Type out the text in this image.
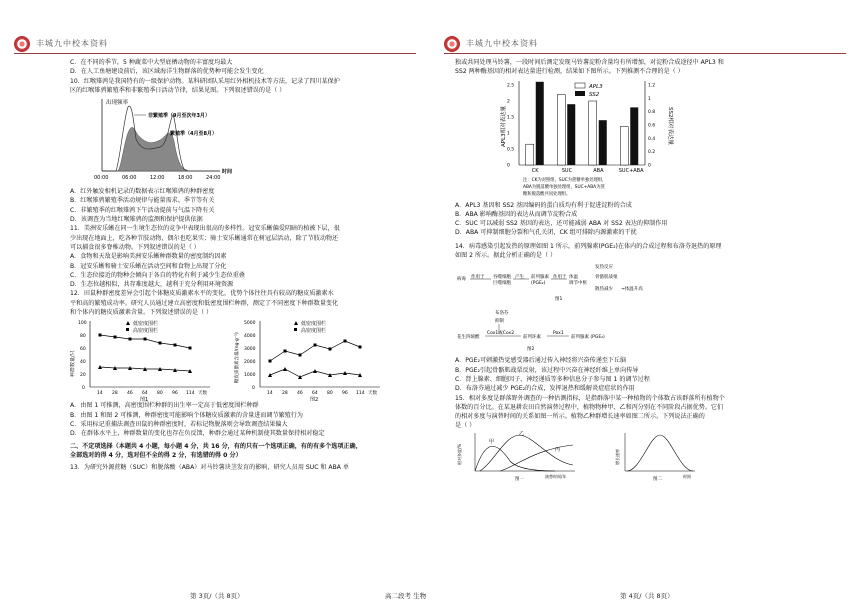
丰城九中校本资料
C．在不同的季节，5 种蔬菜中大型底栖动物的丰富度均最大
D．在人工鱼塘建设前后，该区域海洋生物群落的优势种可能会发生变化
10．红喉雉鹑是我国特有的一级保护动物。某科研团队采用红外相机技术等方法，记录了四川某保护
区的红喉雉鹑繁殖季和非繁殖季日活动节律，结果见图。下列叙述错误的是（ ）
出现频率
非繁殖季（9月至次年3月）
繁殖季（4月至8月）
00:00	06:00	12:00	18:00	24:00
时间
A．红外触发相机记录的数据表示红喉雉鹑的种群密度
B．红喉雉鹑繁殖季活动规律与能量需求、季节等有关
C．非繁殖季的红喉雉鹑下午活动提前与气温下降有关
D．该调查为当地红喉雉鹑的监测和保护提供依据
11．美洲安乐蜥在同一生境生态位的竞争中表现出很高的多样性。冠安乐蜥偏爱阴暗的植被下层，很
少出现在地面上，吃各种节肢动物，偶尔也吃果实；骑士安乐蜥通常在树冠层活动，除了节肢动物还
可以捕食很多脊椎动物。下列叙述错误的是（ ）
A．食物和天敌是影响美洲安乐蜥种群数量的密度制约因素
B．冠安乐蜥和骑士安乐蜥在活动空间和食物上出现了分化
C．生态位接近的物种会倾向于各自的特化有利于减少生态位重叠
D．生态位越相似，共存难度越大，越利于充分利用环境资源
12．田鼠种群密度差异会引起个体糖皮质激素水平的变化，优势个体往往具有较高的糖皮质激素水
平和高的繁殖成功率。研究人员通过建立高密度和低密度围栏种群，测定了不同密度下种群数量变化
和个体内的糖皮质激素含量。下列叙述错误的是（ ）
种群数量/只
0
20
40
60
80
100	低密度围栏
高密度围栏
14 28 46 64 80 96 114 天数
图1
糖皮质激素含量/(ng·g⁻¹)
0
1000
2000
3000
4000
5000	低密度围栏
高密度围栏
14 28 46 64 80 96 114 天数
图2
A．由图 1 可推测，高密度围栏种群的出生率一定高于低密度围栏种群
B．由图 1 和图 2 可推测，种群密度可能影响个体糖皮质激素的含量进而调节繁殖行为
C．采用标记重捕法调查田鼠的种群密度时，若标记物脱落则会导致调查结果偏大
D．在群体水平上，种群数量的变化也存在负反馈，种群会通过某种机制使其数量保持相对稳定
二、不定项选择（本题共 4 小题，每小题 4 分，共 16 分，有的只有一个选项正确，有的有多个选项正确，
全部选对的得 4 分，选对但不全的得 2 分，有选错的得 0 分）
13．为研究外源蔗糖（SUC）和脱落酸（ABA）对马铃薯块茎发育的影响，研究人员用 SUC 和 ABA 单
第 3页/（共 8页）	高二段考 生物
丰城九中校本资料
独或共同处理马铃薯，一段时间后测定发现马铃薯淀粉含量均有所增加，对淀粉合成途径中 APL3 和
SS2 两种酶基因的相对表达量进行检测，结果如下图所示。下列推测不合理的是（ ）
APL3相对表达量	SS2相对表达量
0
0.5
1
1.5
2
2.5
0
0.2
0.4
0.6
0.8
1
1.2
CK	SUC	ABA	SUC+ABA
APL3
SS2
注：CK为对照组，SUC为蔗糖单独处理组，
ABA为脱落酸单独处理组，SUC+ABA为蔗
糖和脱落酸共同处理组。
A．APL3 基因和 SS2 基因编码的蛋白质均有利于促进淀粉的合成
B．ABA 影响酶基因的表达从而调节淀粉合成
C．SUC 可以减弱 SS2 基因的表达，还可能减弱 ABA 对 SS2 表达的抑制作用
D．ABA 可抑制细胞分裂和气孔关闭，CK 组可排除内源激素的干扰
14．病毒感染引起发热的原理如图 1 所示，前列腺素(PGE₂)在体内的合成过程和布洛芬退热的原理
如图 2 所示。据此分析正确的是（ ）
病毒 作用于 吞噬细胞
巨噬细胞
产生 前列腺素
(PGE₂)
作用于 体温
调节中枢
发热反应
骨骼肌战栗
散热减少 →体温升高
图1
布洛芬
抑制
花生四烯酸
Cox1或Cox2
前列环素
Pox1
前列腺素 (PGE₂)
图2
A．PGE₂可刺激热觉感受器后通过传入神经将兴奋传递至下丘脑
B．PGE₂引起骨骼肌战栗反射，该过程中兴奋在神经纤维上单向传导
C．肾上腺素、细胞因子、神经递质等多种信息分子参与图 1 的调节过程
D．布洛芬通过减少 PGE₂的合成，发挥退热和缓解炎症症状的作用
15．相对多度是群落野外调查的一种估测指标，是指群落中某一种植物的个体数占该群落所有植物个
体数的百分比。在某退耕农田自然演替过程中，植物物种甲、乙和丙分别在不同阶段占据优势。它们
的相对多度与演替时间的关系如图一所示。植物乙种群增长速率如图二所示。下列说法正确的
是（ ）
甲
乙
丙
相对多度/%
演替时间/年
图一
增长速率
时间
图二
第 4页/（共 8页）
